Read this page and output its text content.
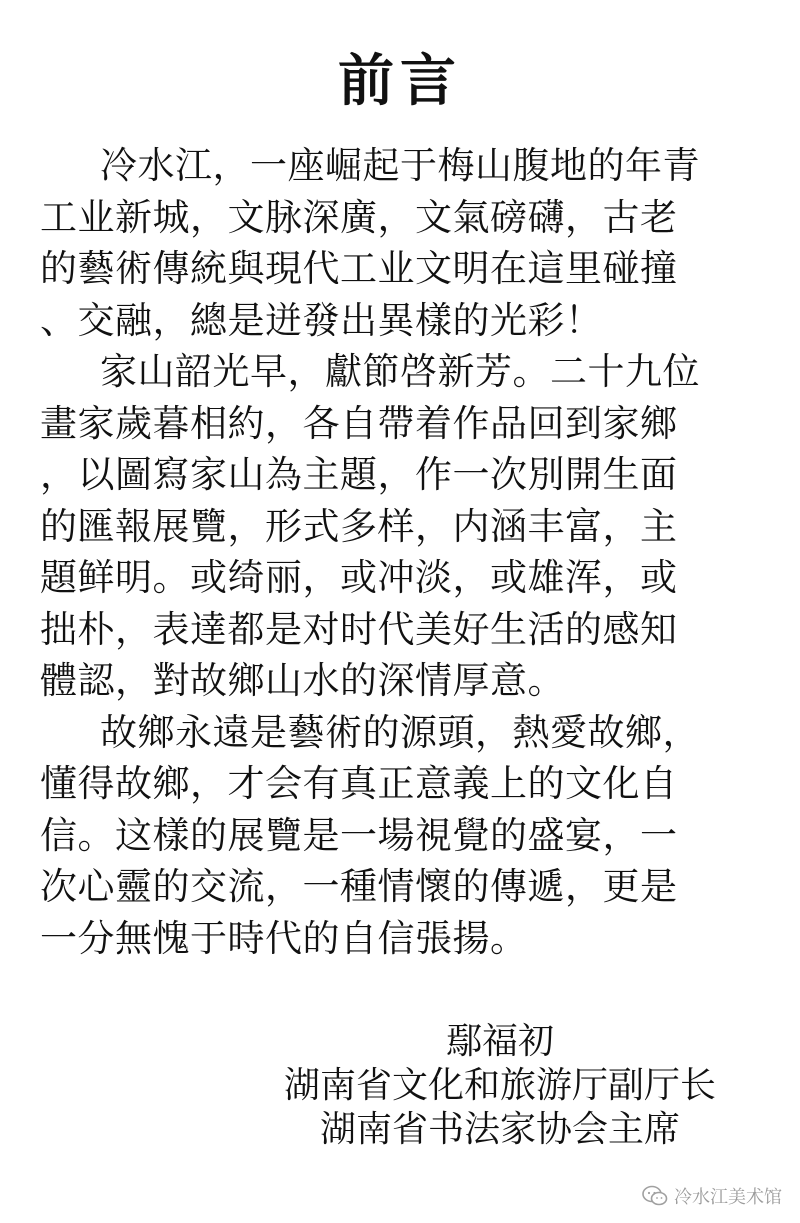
前言
冷水江，一座崛起于梅山腹地的年青
工业新城，文脉深廣，文氣磅礴，古老
的藝術傳統與現代工业文明在這里碰撞
、交融，總是迸發出異樣的光彩！
家山韶光早，獻節啓新芳。二十九位
畫家歲暮相約，各自帶着作品回到家鄉
，以圖寫家山為主題，作一次別開生面
的匯報展覽，形式多样，内涵丰富，主
題鲜明。或绮丽，或冲淡，或雄浑，或
拙朴，表達都是对时代美好生活的感知
體認，對故鄉山水的深情厚意。
故鄉永遠是藝術的源頭，熱愛故鄉，
懂得故鄉，才会有真正意義上的文化自
信。这樣的展覽是一場視覺的盛宴，一
次心靈的交流，一種情懷的傳遞，更是
一分無愧于時代的自信張揚。
鄢福初
湖南省文化和旅游厅副厅长
湖南省书法家协会主席
冷水江美术馆
